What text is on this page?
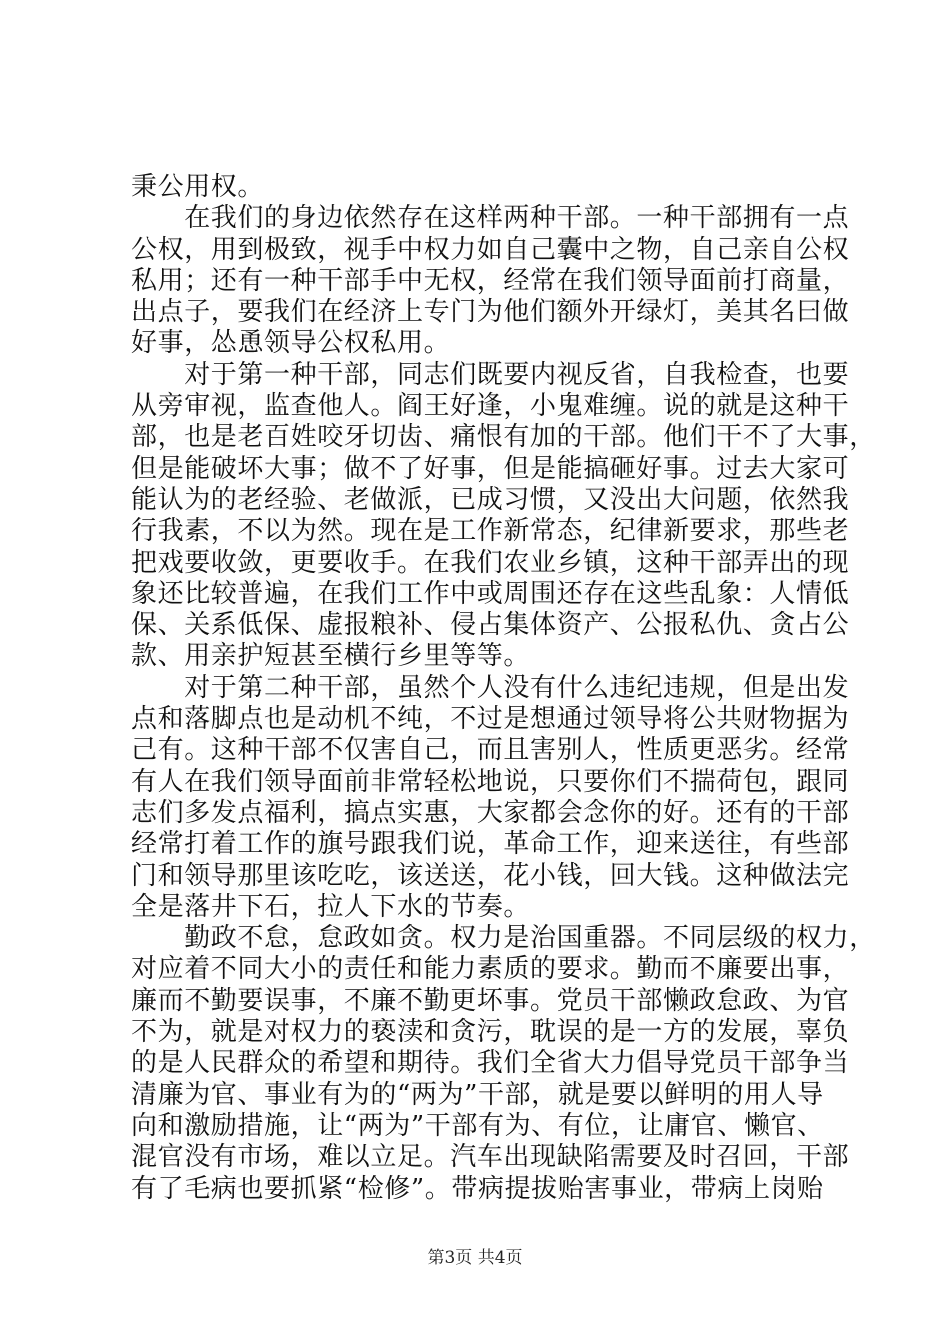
秉公用权。
　　在我们的身边依然存在这样两种干部。一种干部拥有一点
公权，用到极致，视手中权力如自己囊中之物，自己亲自公权
私用；还有一种干部手中无权，经常在我们领导面前打商量，
出点子，要我们在经济上专门为他们额外开绿灯，美其名曰做
好事，怂恿领导公权私用。
　　对于第一种干部，同志们既要内视反省，自我检查，也要
从旁审视，监查他人。阎王好逢，小鬼难缠。说的就是这种干
部，也是老百姓咬牙切齿、痛恨有加的干部。他们干不了大事，
但是能破坏大事；做不了好事，但是能搞砸好事。过去大家可
能认为的老经验、老做派，已成习惯，又没出大问题，依然我
行我素，不以为然。现在是工作新常态，纪律新要求，那些老
把戏要收敛，更要收手。在我们农业乡镇，这种干部弄出的现
象还比较普遍，在我们工作中或周围还存在这些乱象：人情低
保、关系低保、虚报粮补、侵占集体资产、公报私仇、贪占公
款、用亲护短甚至横行乡里等等。
　　对于第二种干部，虽然个人没有什么违纪违规，但是出发
点和落脚点也是动机不纯，不过是想通过领导将公共财物据为
己有。这种干部不仅害自己，而且害别人，性质更恶劣。经常
有人在我们领导面前非常轻松地说，只要你们不揣荷包，跟同
志们多发点福利，搞点实惠，大家都会念你的好。还有的干部
经常打着工作的旗号跟我们说，革命工作，迎来送往，有些部
门和领导那里该吃吃，该送送，花小钱，回大钱。这种做法完
全是落井下石，拉人下水的节奏。
　　勤政不怠，怠政如贪。权力是治国重器。不同层级的权力，
对应着不同大小的责任和能力素质的要求。勤而不廉要出事，
廉而不勤要误事，不廉不勤更坏事。党员干部懒政怠政、为官
不为，就是对权力的亵渎和贪污，耽误的是一方的发展，辜负
的是人民群众的希望和期待。我们全省大力倡导党员干部争当
清廉为官、事业有为的“两为”干部，就是要以鲜明的用人导
向和激励措施，让“两为”干部有为、有位，让庸官、懒官、
混官没有市场，难以立足。汽车出现缺陷需要及时召回，干部
有了毛病也要抓紧“检修”。带病提拔贻害事业，带病上岗贻
第3页 共4页
